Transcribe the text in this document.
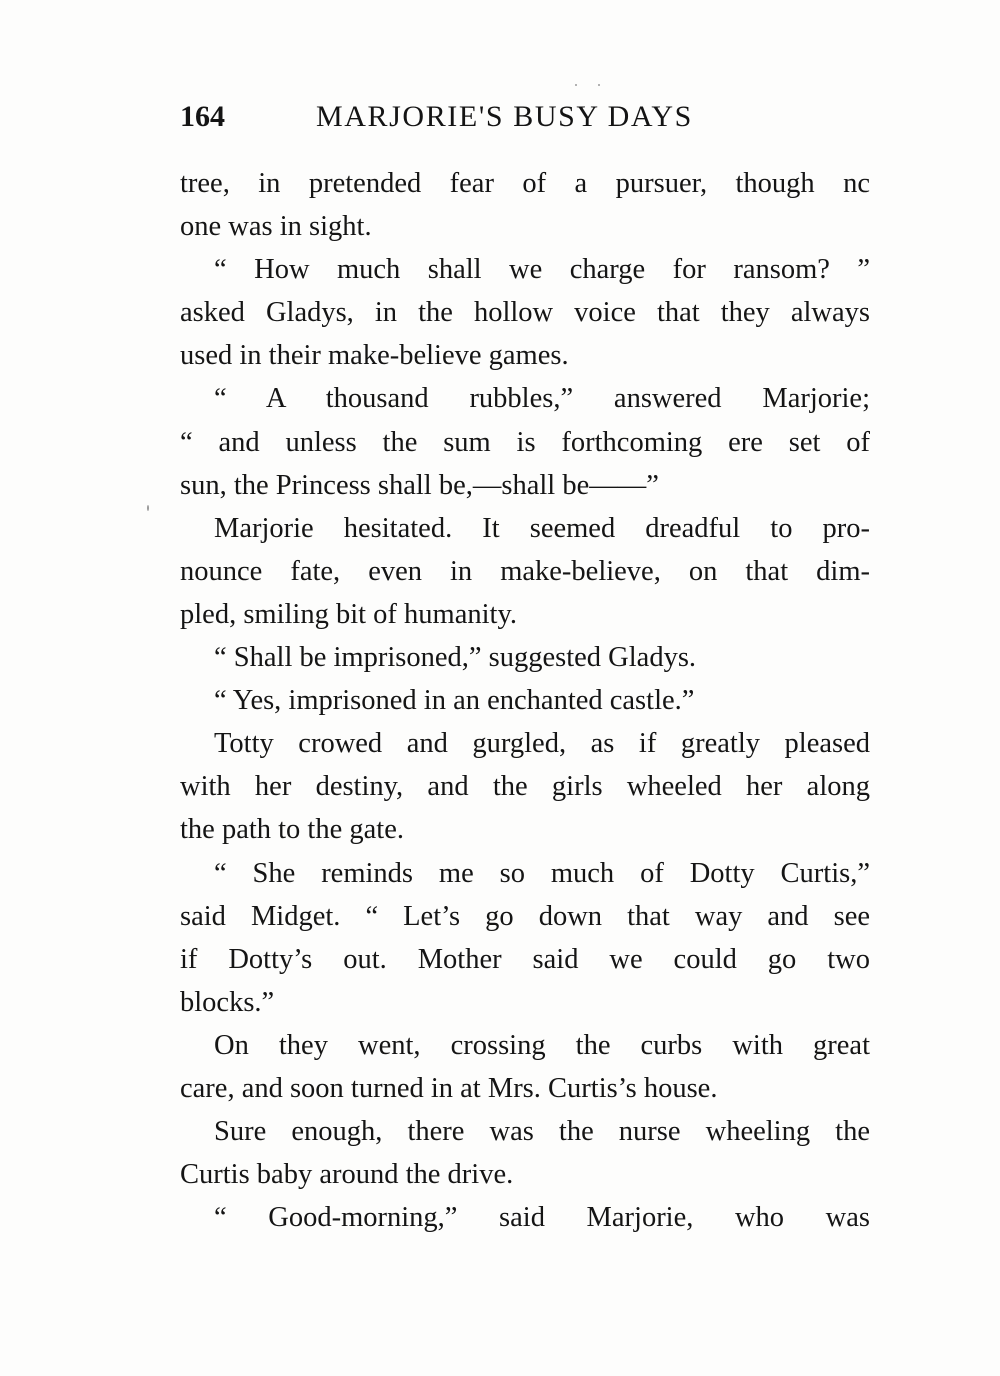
164	MARJORIE'S BUSY DAYS
tree, in pretended fear of a pursuer, though nc
one was in sight.
“ How much shall we charge for ransom? ”
asked Gladys, in the hollow voice that they always
used in their make-believe games.
“ A thousand rubbles,” answered Marjorie;
“ and unless the sum is forthcoming ere set of
sun, the Princess shall be,—shall be——”
Marjorie hesitated. It seemed dreadful to pro-
nounce fate, even in make-believe, on that dim-
pled, smiling bit of humanity.
“ Shall be imprisoned,” suggested Gladys.
“ Yes, imprisoned in an enchanted castle.”
Totty crowed and gurgled, as if greatly pleased
with her destiny, and the girls wheeled her along
the path to the gate.
“ She reminds me so much of Dotty Curtis,”
said Midget. “ Let’s go down that way and see
if Dotty’s out. Mother said we could go two
blocks.”
On they went, crossing the curbs with great
care, and soon turned in at Mrs. Curtis’s house.
Sure enough, there was the nurse wheeling the
Curtis baby around the drive.
“ Good-morning,” said Marjorie, who was
